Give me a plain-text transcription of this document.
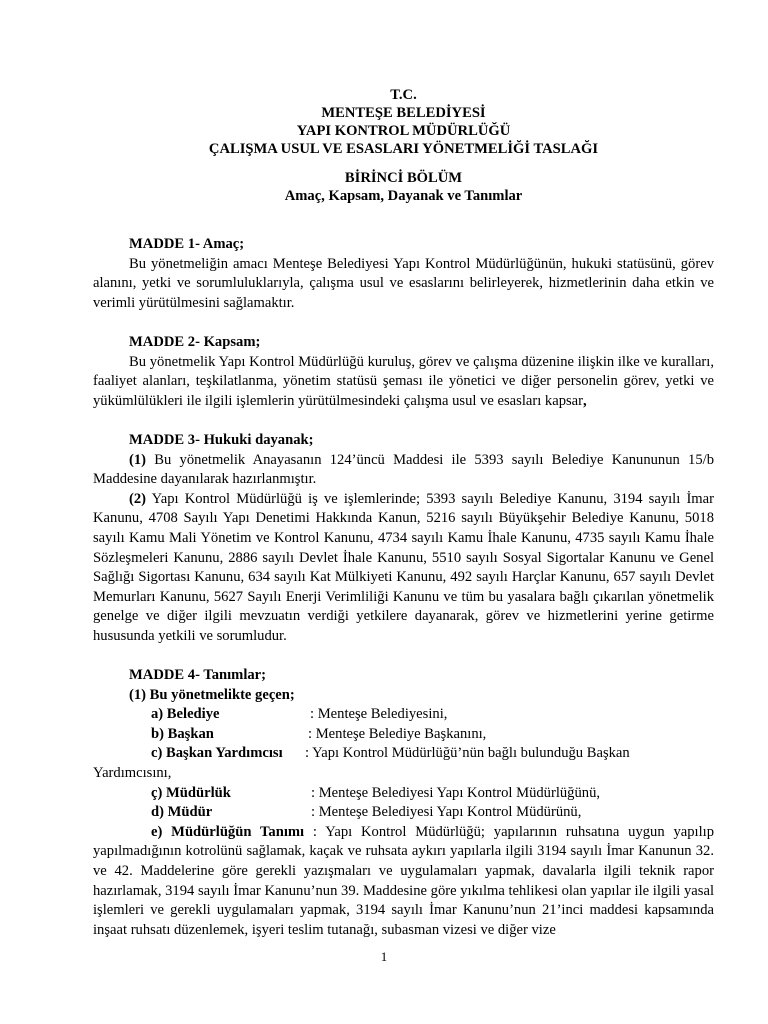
T.C.
MENTEŞE BELEDİYESİ
YAPI KONTROL MÜDÜRLÜĞÜ
ÇALIŞMA USUL VE ESASLARI YÖNETMELİĞİ TASLAĞI
BİRİNCİ BÖLÜM
Amaç, Kapsam, Dayanak ve Tanımlar

MADDE 1- Amaç;

Bu yönetmeliğin amacı Menteşe Belediyesi Yapı Kontrol Müdürlüğünün, hukuki statüsünü, görev alanını, yetki ve sorumluluklarıyla, çalışma usul ve esaslarını belirleyerek, hizmetlerinin daha etkin ve verimli yürütülmesini sağlamaktır.

MADDE 2- Kapsam;

Bu yönetmelik Yapı Kontrol Müdürlüğü kuruluş, görev ve çalışma düzenine ilişkin ilke ve kuralları, faaliyet alanları, teşkilatlanma, yönetim statüsü şeması ile yönetici ve diğer personelin görev, yetki ve yükümlülükleri ile ilgili işlemlerin yürütülmesindeki çalışma usul ve esasları kapsar,

MADDE 3- Hukuki dayanak;

(1) Bu yönetmelik Anayasanın 124’üncü Maddesi ile 5393 sayılı Belediye Kanununun 15/b Maddesine dayanılarak hazırlanmıştır.

(2) Yapı Kontrol Müdürlüğü iş ve işlemlerinde; 5393 sayılı Belediye Kanunu, 3194 sayılı İmar Kanunu, 4708 Sayılı Yapı Denetimi Hakkında Kanun, 5216 sayılı Büyükşehir Belediye Kanunu, 5018 sayılı Kamu Mali Yönetim ve Kontrol Kanunu, 4734 sayılı Kamu İhale Kanunu, 4735 sayılı Kamu İhale Sözleşmeleri Kanunu, 2886 sayılı Devlet İhale Kanunu, 5510 sayılı Sosyal Sigortalar Kanunu ve Genel Sağlığı Sigortası Kanunu, 634 sayılı Kat Mülkiyeti Kanunu, 492 sayılı Harçlar Kanunu, 657 sayılı Devlet Memurları Kanunu, 5627 Sayılı Enerji Verimliliği Kanunu ve tüm bu yasalara bağlı çıkarılan yönetmelik genelge ve diğer ilgili mevzuatın verdiği yetkilere dayanarak, görev ve hizmetlerini yerine getirme hususunda yetkili ve sorumludur.

MADDE 4- Tanımlar;

(1) Bu yönetmelikte geçen;

a) Belediye	: Menteşe Belediyesini,

b) Başkan	: Menteşe Belediye Başkanını,

c) Başkan Yardımcısı : Yapı Kontrol Müdürlüğü’nün bağlı bulunduğu Başkan

Yardımcısını,

ç) Müdürlük	: Menteşe Belediyesi Yapı Kontrol Müdürlüğünü,

d) Müdür	: Menteşe Belediyesi Yapı Kontrol Müdürünü,

e) Müdürlüğün Tanımı : Yapı Kontrol Müdürlüğü; yapılarının ruhsatına uygun yapılıp yapılmadığının kotrolünü sağlamak, kaçak ve ruhsata aykırı yapılarla ilgili 3194 sayılı İmar Kanunun 32. ve 42. Maddelerine göre gerekli yazışmaları ve uygulamaları yapmak, davalarla ilgili teknik rapor hazırlamak, 3194 sayılı İmar Kanunu’nun 39. Maddesine göre yıkılma tehlikesi olan yapılar ile ilgili yasal işlemleri ve gerekli uygulamaları yapmak, 3194 sayılı İmar Kanunu’nun 21’inci maddesi kapsamında inşaat ruhsatı düzenlemek, işyeri teslim tutanağı, subasman vizesi ve diğer vize

1
